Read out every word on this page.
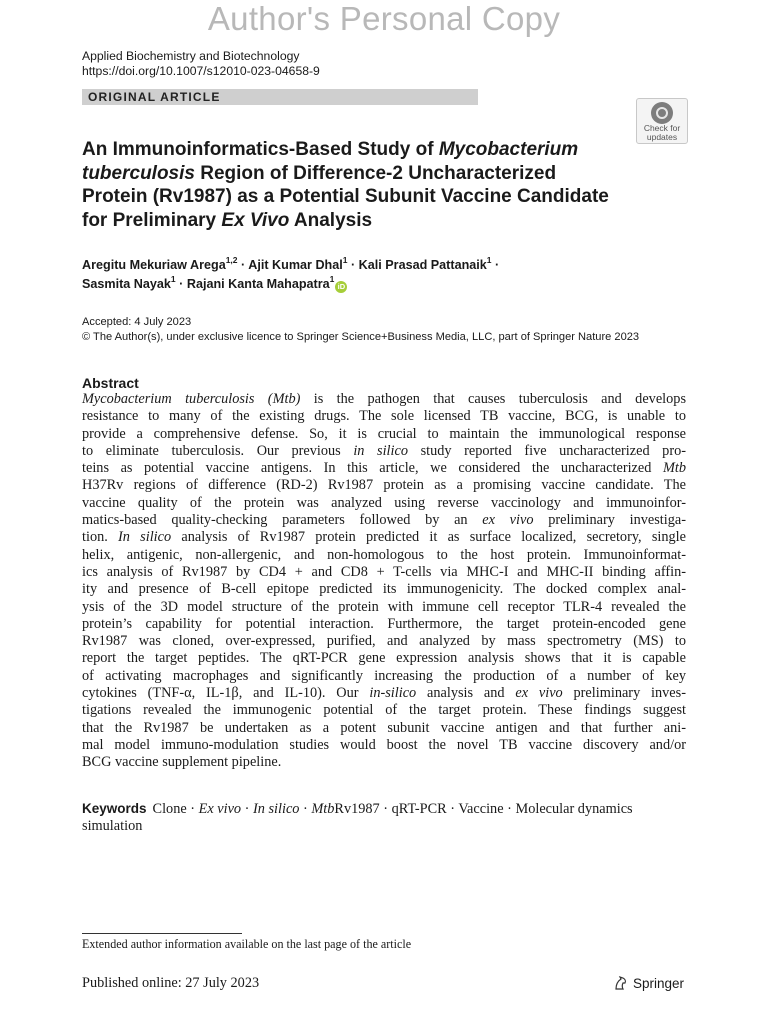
Author's Personal Copy
Applied Biochemistry and Biotechnology
https://doi.org/10.1007/s12010-023-04658-9
ORIGINAL ARTICLE
Check for
updates
An Immunoinformatics-Based Study of Mycobacterium
tuberculosis Region of Difference-2 Uncharacterized
Protein (Rv1987) as a Potential Subunit Vaccine Candidate
for Preliminary Ex Vivo Analysis
Aregitu Mekuriaw Arega$^{1,2}$ · Ajit Kumar Dhal$^1$ · Kali Prasad Pattanaik$^1$ ·
Sasmita Nayak$^1$ · Rajani Kanta Mahapatra$^1$iD
Accepted: 4 July 2023
© The Author(s), under exclusive licence to Springer Science+Business Media, LLC, part of Springer Nature 2023
Abstract
Mycobacterium tuberculosis (Mtb) is the pathogen that causes tuberculosis and develops
resistance to many of the existing drugs. The sole licensed TB vaccine, BCG, is unable to
provide a comprehensive defense. So, it is crucial to maintain the immunological response
to eliminate tuberculosis. Our previous in silico study reported five uncharacterized pro-
teins as potential vaccine antigens. In this article, we considered the uncharacterized Mtb
H37Rv regions of difference (RD-2) Rv1987 protein as a promising vaccine candidate. The
vaccine quality of the protein was analyzed using reverse vaccinology and immunoinfor-
matics-based quality-checking parameters followed by an ex vivo preliminary investiga-
tion. In silico analysis of Rv1987 protein predicted it as surface localized, secretory, single
helix, antigenic, non-allergenic, and non-homologous to the host protein. Immunoinformat-
ics analysis of Rv1987 by CD4 + and CD8 + T-cells via MHC-I and MHC-II binding affin-
ity and presence of B-cell epitope predicted its immunogenicity. The docked complex anal-
ysis of the 3D model structure of the protein with immune cell receptor TLR-4 revealed the
protein’s capability for potential interaction. Furthermore, the target protein-encoded gene
Rv1987 was cloned, over-expressed, purified, and analyzed by mass spectrometry (MS) to
report the target peptides. The qRT-PCR gene expression analysis shows that it is capable
of activating macrophages and significantly increasing the production of a number of key
cytokines (TNF-α, IL-1β, and IL-10). Our in-silico analysis and ex vivo preliminary inves-
tigations revealed the immunogenic potential of the target protein. These findings suggest
that the Rv1987 be undertaken as a potent subunit vaccine antigen and that further ani-
mal model immuno-modulation studies would boost the novel TB vaccine discovery and/or
BCG vaccine supplement pipeline.
Keywords Clone · Ex vivo · In silico · MtbRv1987 · qRT-PCR · Vaccine · Molecular dynamics simulation
Extended author information available on the last page of the article
Published online: 27 July 2023	Springer
